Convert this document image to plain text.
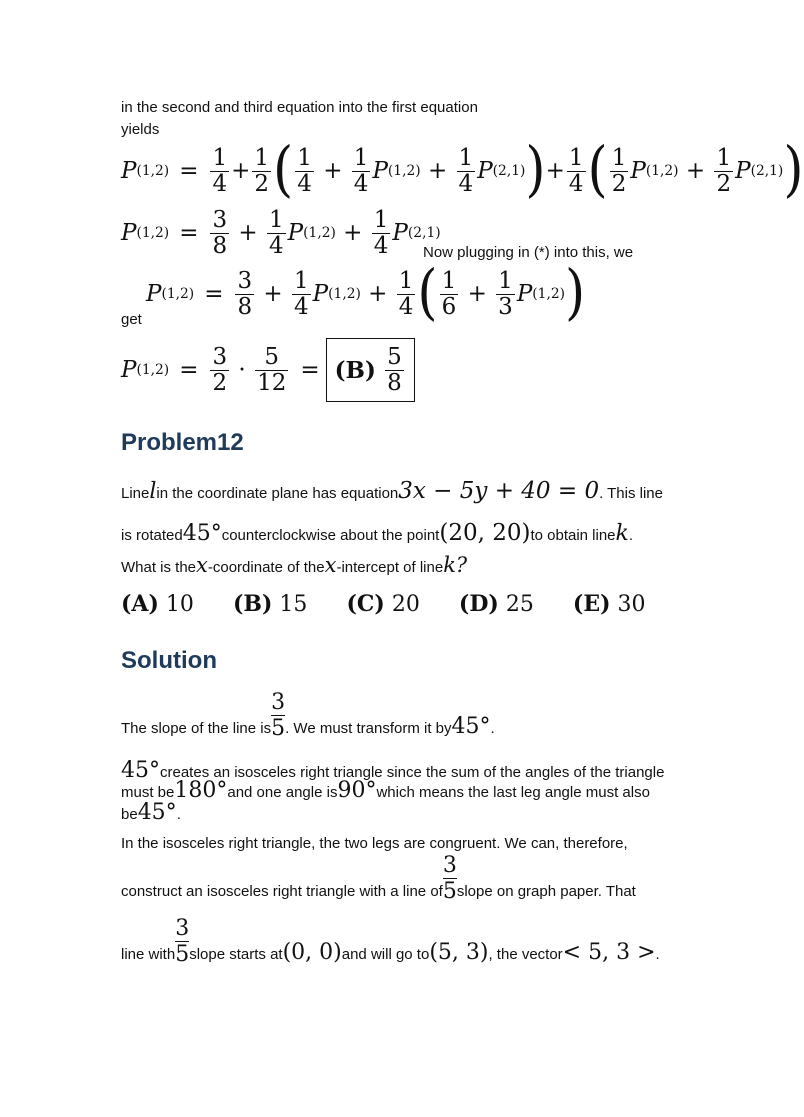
in the second and third equation into the first equation
yields
P $(1,2) = \frac{1}{4} + \frac{1}{2}$ ( $\frac{1}{4} + \frac{1}{4}$ P $(1,2) + \frac{1}{4}$ P (2,1) ) + $\frac{1}{4}$ ( $\frac{1}{2}$ P $(1,2) + \frac{1}{2}$ P (2,1) )
P $(1,2) = \frac{3}{8} + \frac{1}{4}$ P $(1,2) + \frac{1}{4}$ P (2,1)
Now plugging in (*) into this, we
get
P $(1,2) = \frac{3}{8} + \frac{1}{4}$ P $(1,2) + \frac{1}{4}$ ( $\frac{1}{6} + \frac{1}{3}$ P (1,2) )
P $(1,2) = \frac{3}{2} \cdot \frac{5}{12} = (B)$
$\frac{5}{8}$
Problem12
Line l in the coordinate plane has equation 3x − 5y + 40 = 0 . This line
is rotated 45° counterclockwise about the point (20, 20) to obtain line k .
What is the x -coordinate of the x -intercept of line k?
(A) 10 (B) 15 (C) 20 (D) 25 (E) 30
Solution
The slope of the line is $\frac{3}{5}$ . We must transform it by 45° .
45° creates an isosceles right triangle since the sum of the angles of the triangle
must be 180° and one angle is 90° which means the last leg angle must also
be 45° .
In the isosceles right triangle, the two legs are congruent. We can, therefore,
construct an isosceles right triangle with a line of $\frac{3}{5}$ slope on graph paper. That
line with $\frac{3}{5}$ slope starts at (0, 0) and will go to (5, 3) , the vector < 5, 3 > .
